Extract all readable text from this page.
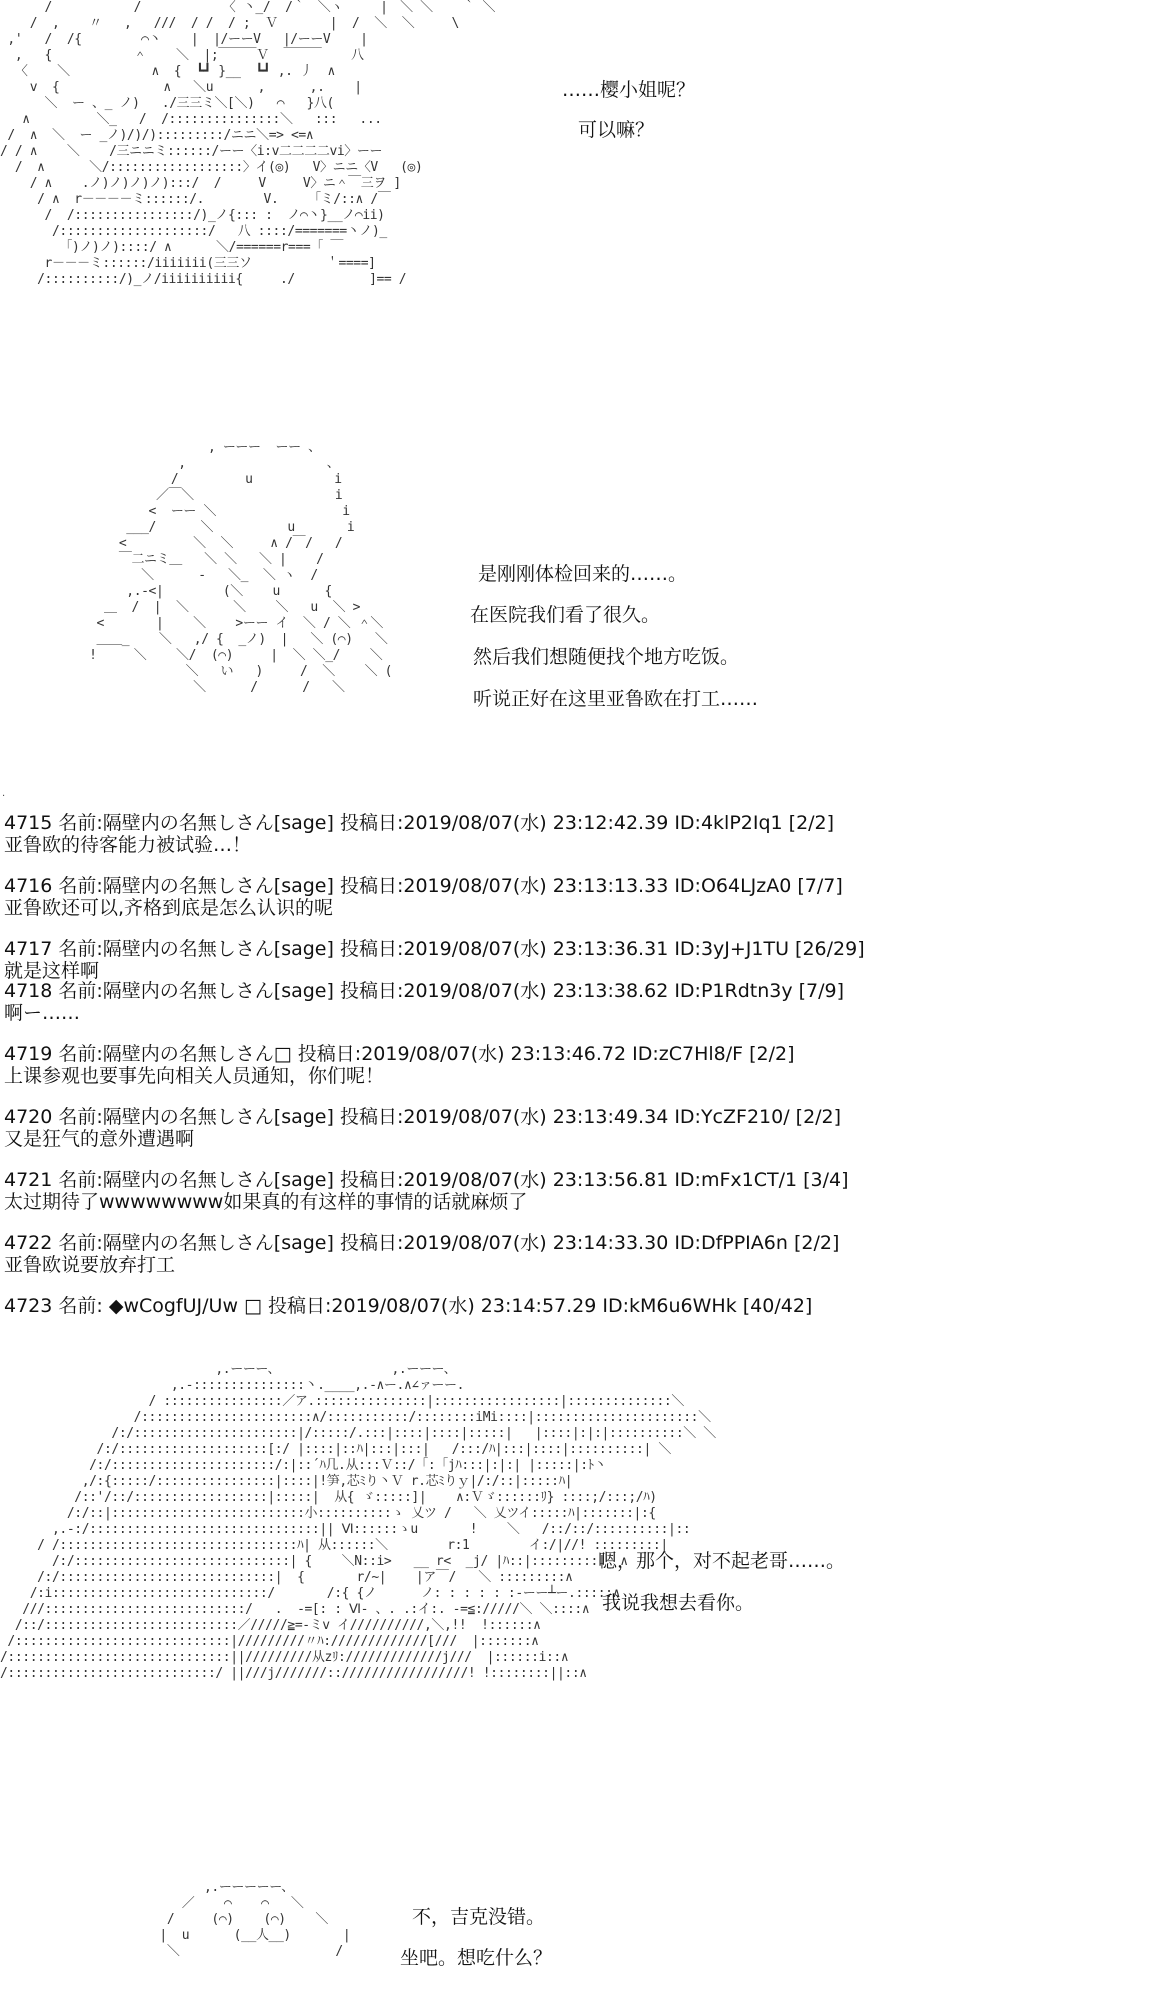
/           /           〈 丶_/  /｀￣＼ヽ     |￣＼ ＼    ｀ ＼
/  ,    〃   ,   ///  / /  / ;  Ｖ       |  /  ＼  ＼     \
,'   /  /{        ⌒丶    |  |/ーーV   |/ーーV    |
,   {           ＾    ＼  |;￣￣￣Ｖ  ￣￣￣    八
〈    ＼           ∧  {  ┗┛ }__  ┗┛ ,. 丿  ∧
v  {              ∧   ＼u      ,      ,.    |
＼  ー 、_ ノ)   ./三三ミ＼[＼)   ⌒   }八(
∧         ＼_   /  /:::::::::::::::＼   :::   ...
/  ∧  ＼  ー _ノ)/)/):::::::::/ニニ＼=> <=∧
/ / ∧    ＼    /三ニニミ::::::/ーー〈i:v二二二二vi〉ーー
/  ∧      ＼/::::::::::::::::::〉イ(◎)   V〉ニニ〈V   (◎)
/ ∧    .ノ)ノ)ノ)ノ):::/  /     V     V〉ニ＾￣三ヲ ]
/ ∧  r－－－－ミ::::::/.        V.    「ミ/::∧ /￣
/  /::::::::::::::::/)_ノ{::: :  ノ⌒丶}__ノ⌒ii)
/::::::::::::::::::::/   八 ::::/=======丶ノ)_
「)ノ)ノ)::::/ ∧      ＼/======r===「 ￣
r－－－ミ::::::/iiiiiii(三三ソ          ＇====]
/::::::::::/)_ノ/iiiiiiiiii{     ./          ]== /
……樱小姐呢？
可以嘛？
, ーーー  ーー 、
,                   、
/         u           i
／￣＼                   i
<  ーー ＼                 i
___/      ＼          u       i
<         ＼  ＼     ∧ /￣/   /
￣二ニミ＿   ＼ ＼   ＼ |    /
＼      -   ＼_  ＼ ヽ  /
,.-<|        (＼    u      {
＿  /  |  ＼      ＼    ＼   u  ＼ >
<       |    ＼    >ーー イ  ＼ / ＼ ＾＼
＿＿_    ＼   ,/ {  _ノ)  |   ＼ (⌒)   ＼
!     ＼    ＼/  (⌒)     |  ＼ ＼_/    ＼
＼   い   )     /  ＼    ＼ (
＼      /      /   ＼

是刚刚体检回来的……。
在医院我们看了很久。
然后我们想随便找个地方吃饭。
听说正好在这里亚鲁欧在打工……
.
4715 名前:隔壁内の名無しさん[sage] 投稿日:2019/08/07(水) 23:12:42.39 ID:4klP2Iq1 [2/2]
亚鲁欧的待客能力被试验…！
4716 名前:隔壁内の名無しさん[sage] 投稿日:2019/08/07(水) 23:13:13.33 ID:O64LJzA0 [7/7]
亚鲁欧还可以,齐格到底是怎么认识的呢
4717 名前:隔壁内の名無しさん[sage] 投稿日:2019/08/07(水) 23:13:36.31 ID:3yJ+J1TU [26/29]
就是这样啊
4718 名前:隔壁内の名無しさん[sage] 投稿日:2019/08/07(水) 23:13:38.62 ID:P1Rdtn3y [7/9]
啊ー……
4719 名前:隔壁内の名無しさん□ 投稿日:2019/08/07(水) 23:13:46.72 ID:zC7Hl8/F [2/2]
上课参观也要事先向相关人员通知，你们呢！
4720 名前:隔壁内の名無しさん[sage] 投稿日:2019/08/07(水) 23:13:49.34 ID:YcZF210/ [2/2]
又是狂气的意外遭遇啊
4721 名前:隔壁内の名無しさん[sage] 投稿日:2019/08/07(水) 23:13:56.81 ID:mFx1CT/1 [3/4]
太过期待了wwwwwwww如果真的有这样的事情的话就麻烦了
4722 名前:隔壁内の名無しさん[sage] 投稿日:2019/08/07(水) 23:14:33.30 ID:DfPPIA6n [2/2]
亚鲁欧说要放弃打工
4723 名前: ◆wCogfUJ/Uw □ 投稿日:2019/08/07(水) 23:14:57.29 ID:kM6u6WHk [40/42]
,.ーーー、               ,.ーーー、
,.-:::::::::::::::丶.____,.-∧ー.∧∠ァーー.
/ ::::::::::::::::／ア.:::::::::::::::|:::::::::::::::::|::::::::::::::＼
/:::::::::::::::::::::::∧/:::::::::::/::::::::iMi::::|::::::::::::::::::::::＼
/:/::::::::::::::::::::::|/:::::/.:::|::::|::::|:::::|   |::::|:|:|::::::::::＼ ＼
/:/::::::::::::::::::::[:/ |::::|::ﾊ|:::|:::|   /:::/ﾊ|:::|::::|::::::::::| ＼
/:/::::::::::::::::::::::/:|::´ﾊ几.从:::Ｖ::/「:「jﾊ:::|:|:| |:::::|:ﾄ丶
,/:{:::::/::::::::::::::::|::::|!笋,芯ﾐり丶Ｖ r.芯ﾐりｙ|/:/::|:::::ﾊ|
/::'/::/::::::::::::::::::|:::::|  从{ ゞ:::::]|    ∧:Ｖゞ::::::ﾘ} ::::;/:::;/ﾊ)
/:/::|::::::::::::::::::::::::::小::::::::::ゝ 乂ツ /   ＼ 乂ツイ:::::ﾊ|:::::::|:{
,.-:/:::::::::::::::::::::::::::::::|| Ⅵ::::::ゝu       !    ＼   /::/::/::::::::::|::
/ /::::::::::::::::::::::::::::::::ﾊ| 从::::::＼        r:1        イ:/|//! :::::::::|
/:/:::::::::::::::::::::::::::::| {    ＼N::i>   __ r<  _j/ |ﾊ::|:::::::::|  ∧
/:/:::::::::::::::::::::::::::::|  {       r/~|    |ア￣/   ＼ :::::::::∧
/:i:::::::::::::::::::::::::::::/       /:{ {ノ      ノ: : : : : :-ーー┴ー.:::::∧
///:::::::::::::::::::::::::::/   .  -=[: : Ⅵ- 、. .:イ:. -=≦://///＼ ＼::::∧
/::/::::::::::::::::::::::::::／/////≧=-ミv イ//////////,＼,!!  !::::::∧
/:::::::::::::::::::::::::::::|/////////〃ﾊ://///////////[///  |:::::::∧
/::::::::::::::::::::::::::::::||/////////从zﾘ://///////////j///  |::::::i::∧
/::::::::::::::::::::::::::::/ ||///j///////:://///////////////! !::::::::||::∧
嗯，那个，对不起老哥……。
我说我想去看你。
,.ーーーーー、
／    ⌒    ⌒   ＼
/     (⌒)    (⌒)    ＼
|  u      (__人__)       |
＼                     /
不，吉克没错。
坐吧。想吃什么？
